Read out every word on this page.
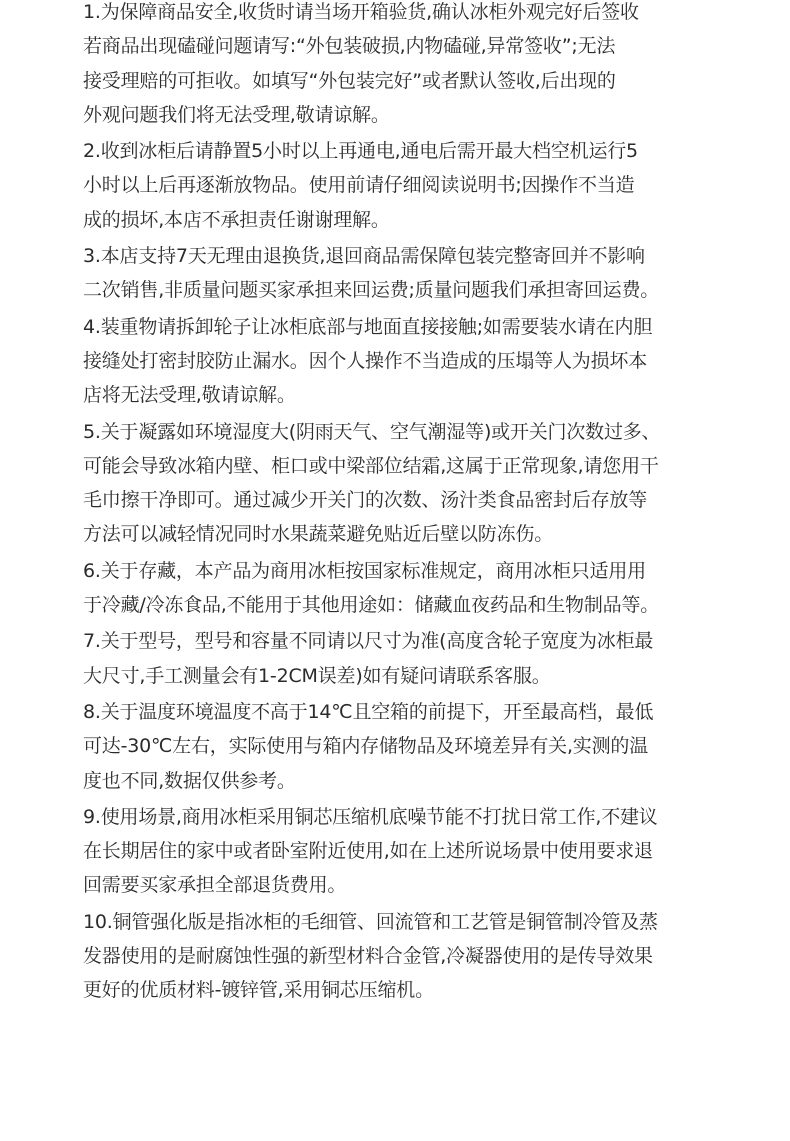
1.为保障商品安全,收货时请当场开箱验货,确认冰柜外观完好后签收
若商品出现磕碰问题请写:“外包装破损,内物磕碰,异常签收”;无法
接受理赔的可拒收。如填写“外包装完好”或者默认签收,后出现的
外观问题我们将无法受理,敬请谅解。
2.收到冰柜后请静置5小时以上再通电,通电后需开最大档空机运行5
小时以上后再逐渐放物品。使用前请仔细阅读说明书;因操作不当造
成的损坏,本店不承担责任谢谢理解。
3.本店支持7天无理由退换货,退回商品需保障包装完整寄回并不影响
二次销售,非质量问题买家承担来回运费;质量问题我们承担寄回运费。
4.装重物请拆卸轮子让冰柜底部与地面直接接触;如需要装水请在内胆
接缝处打密封胶防止漏水。因个人操作不当造成的压塌等人为损坏本
店将无法受理,敬请谅解。
5.关于凝露如环境湿度大(阴雨天气、空气潮湿等)或开关门次数过多、
可能会导致冰箱内壁、柜口或中梁部位结霜,这属于正常现象,请您用干
毛巾擦干净即可。通过减少开关门的次数、汤汁类食品密封后存放等
方法可以减轻情况同时水果蔬菜避免贴近后壁以防冻伤。
6.关于存藏，本产品为商用冰柜按国家标准规定，商用冰柜只适用用
于冷藏/冷冻食品,不能用于其他用途如：储藏血夜药品和生物制品等。
7.关于型号，型号和容量不同请以尺寸为准(高度含轮子宽度为冰柜最
大尺寸,手工测量会有1-2CM误差)如有疑问请联系客服。
8.关于温度环境温度不高于14℃且空箱的前提下，开至最高档，最低
可达-30℃左右，实际使用与箱内存储物品及环境差异有关,实测的温
度也不同,数据仅供参考。
9.使用场景,商用冰柜采用铜芯压缩机底噪节能不打扰日常工作,不建议
在长期居住的家中或者卧室附近使用,如在上述所说场景中使用要求退
回需要买家承担全部退货费用。
10.铜管强化版是指冰柜的毛细管、回流管和工艺管是铜管制冷管及蒸
发器使用的是耐腐蚀性强的新型材料合金管,冷凝器使用的是传导效果
更好的优质材料-镀锌管,采用铜芯压缩机。
